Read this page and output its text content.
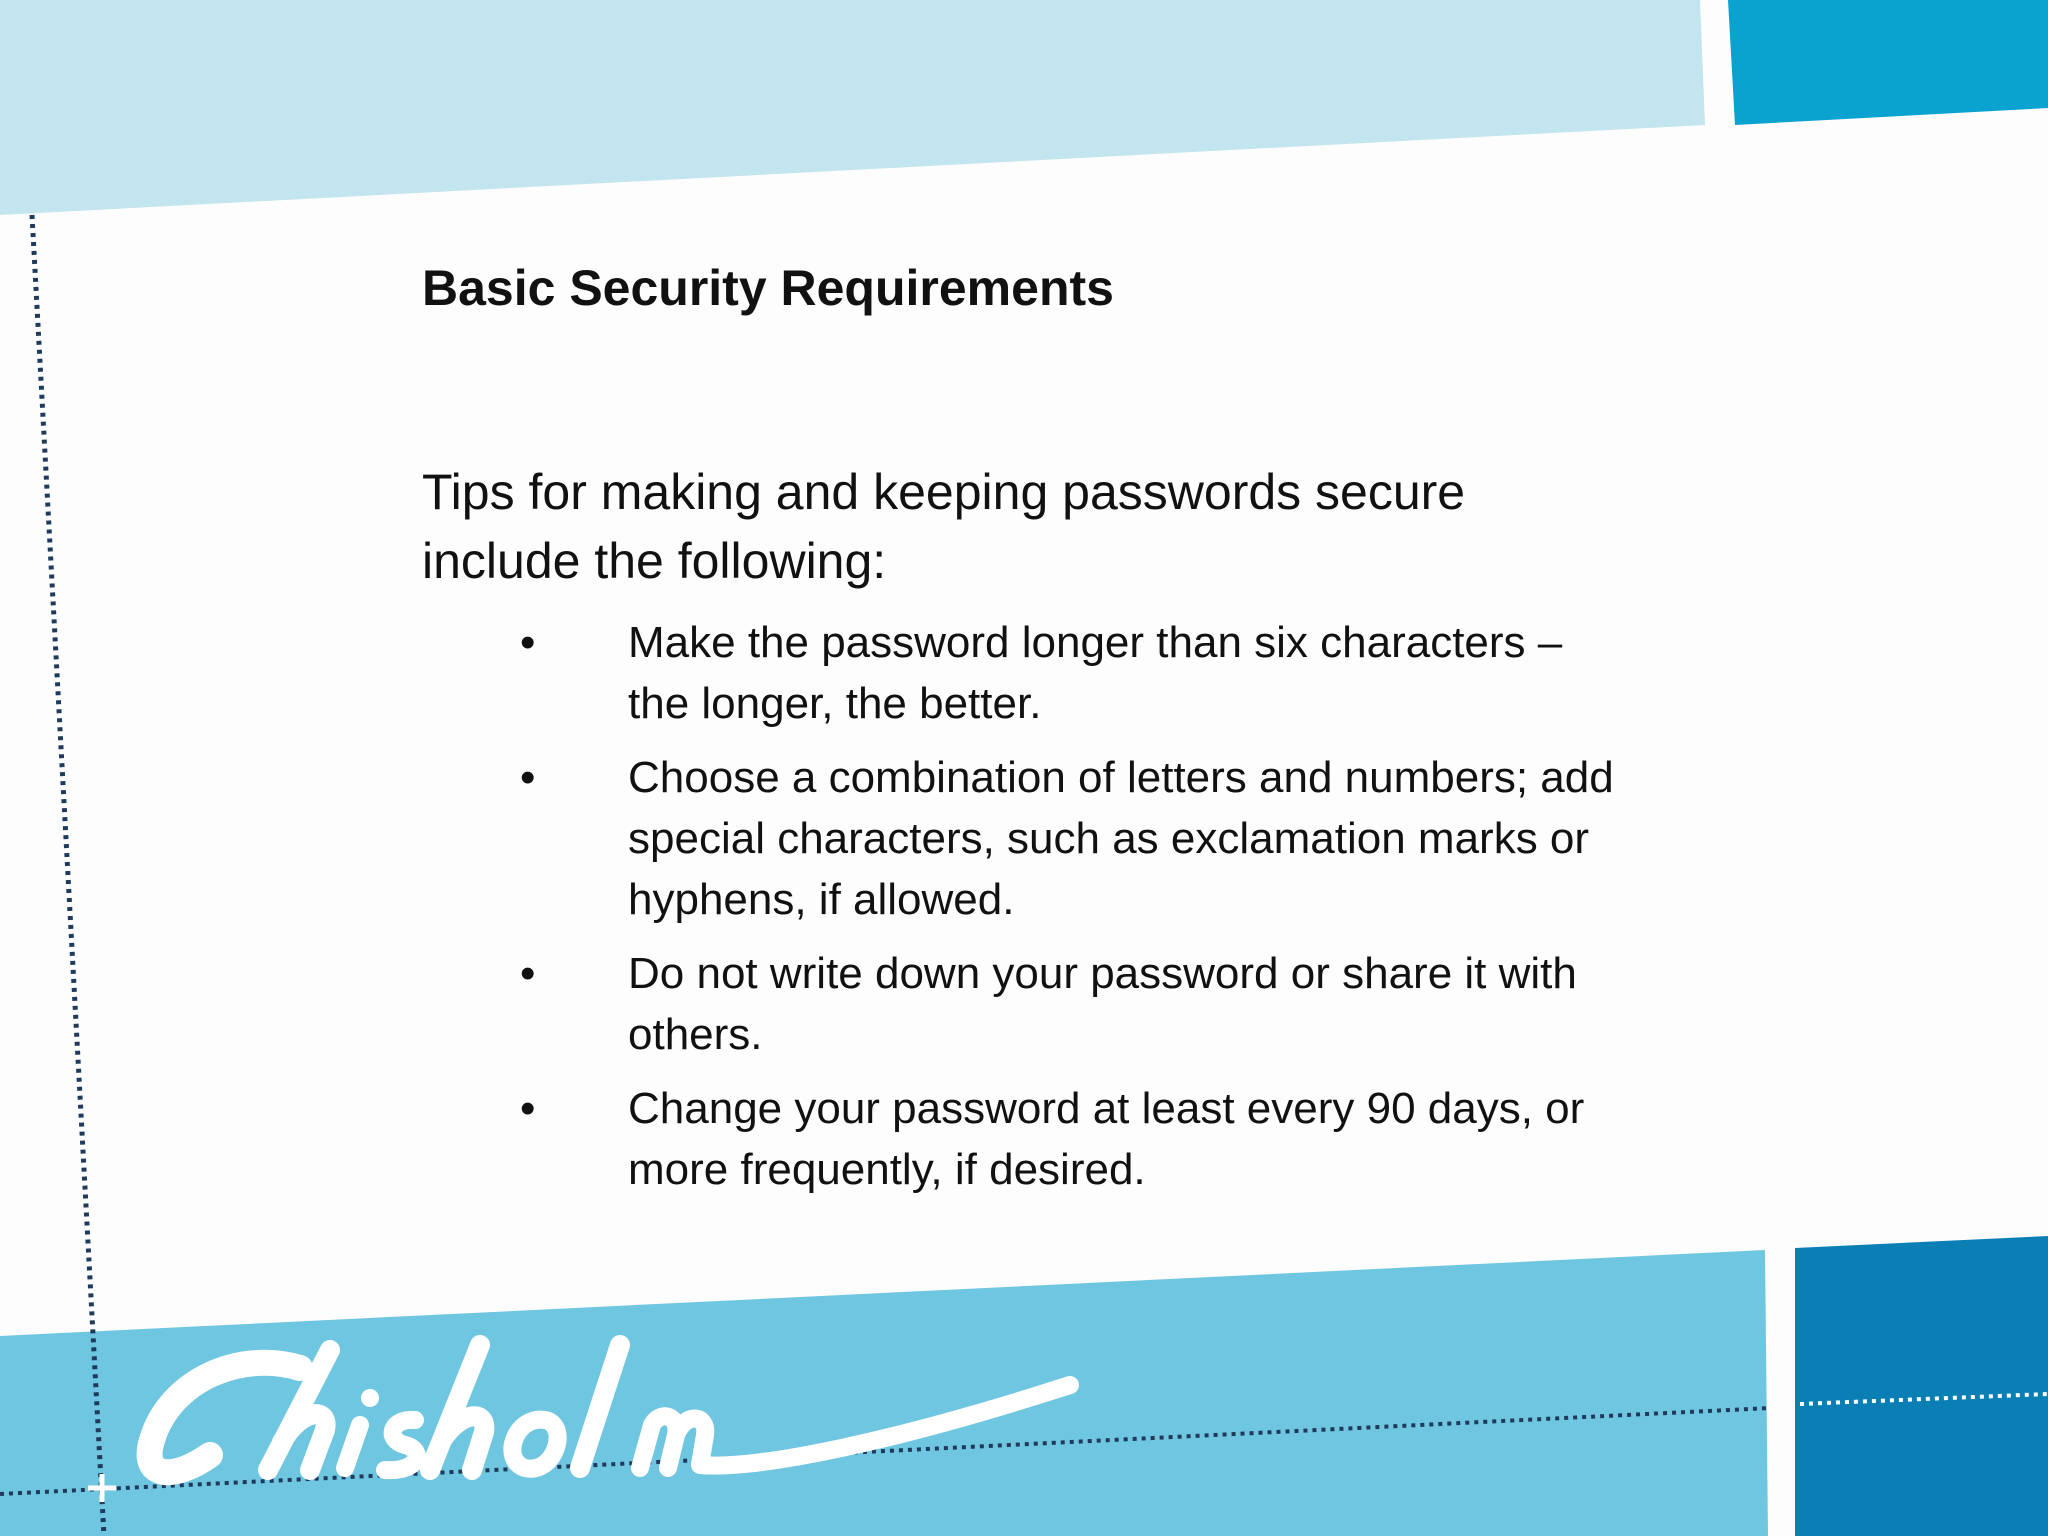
Basic Security Requirements

Tips for making and keeping passwords secure include the following:

•	Make the password longer than six characters – the longer, the better.
•	Choose a combination of letters and numbers; add special characters, such as exclamation marks or hyphens, if allowed.
•	Do not write down your password or share it with others.
•	Change your password at least every 90 days, or more frequently, if desired.
